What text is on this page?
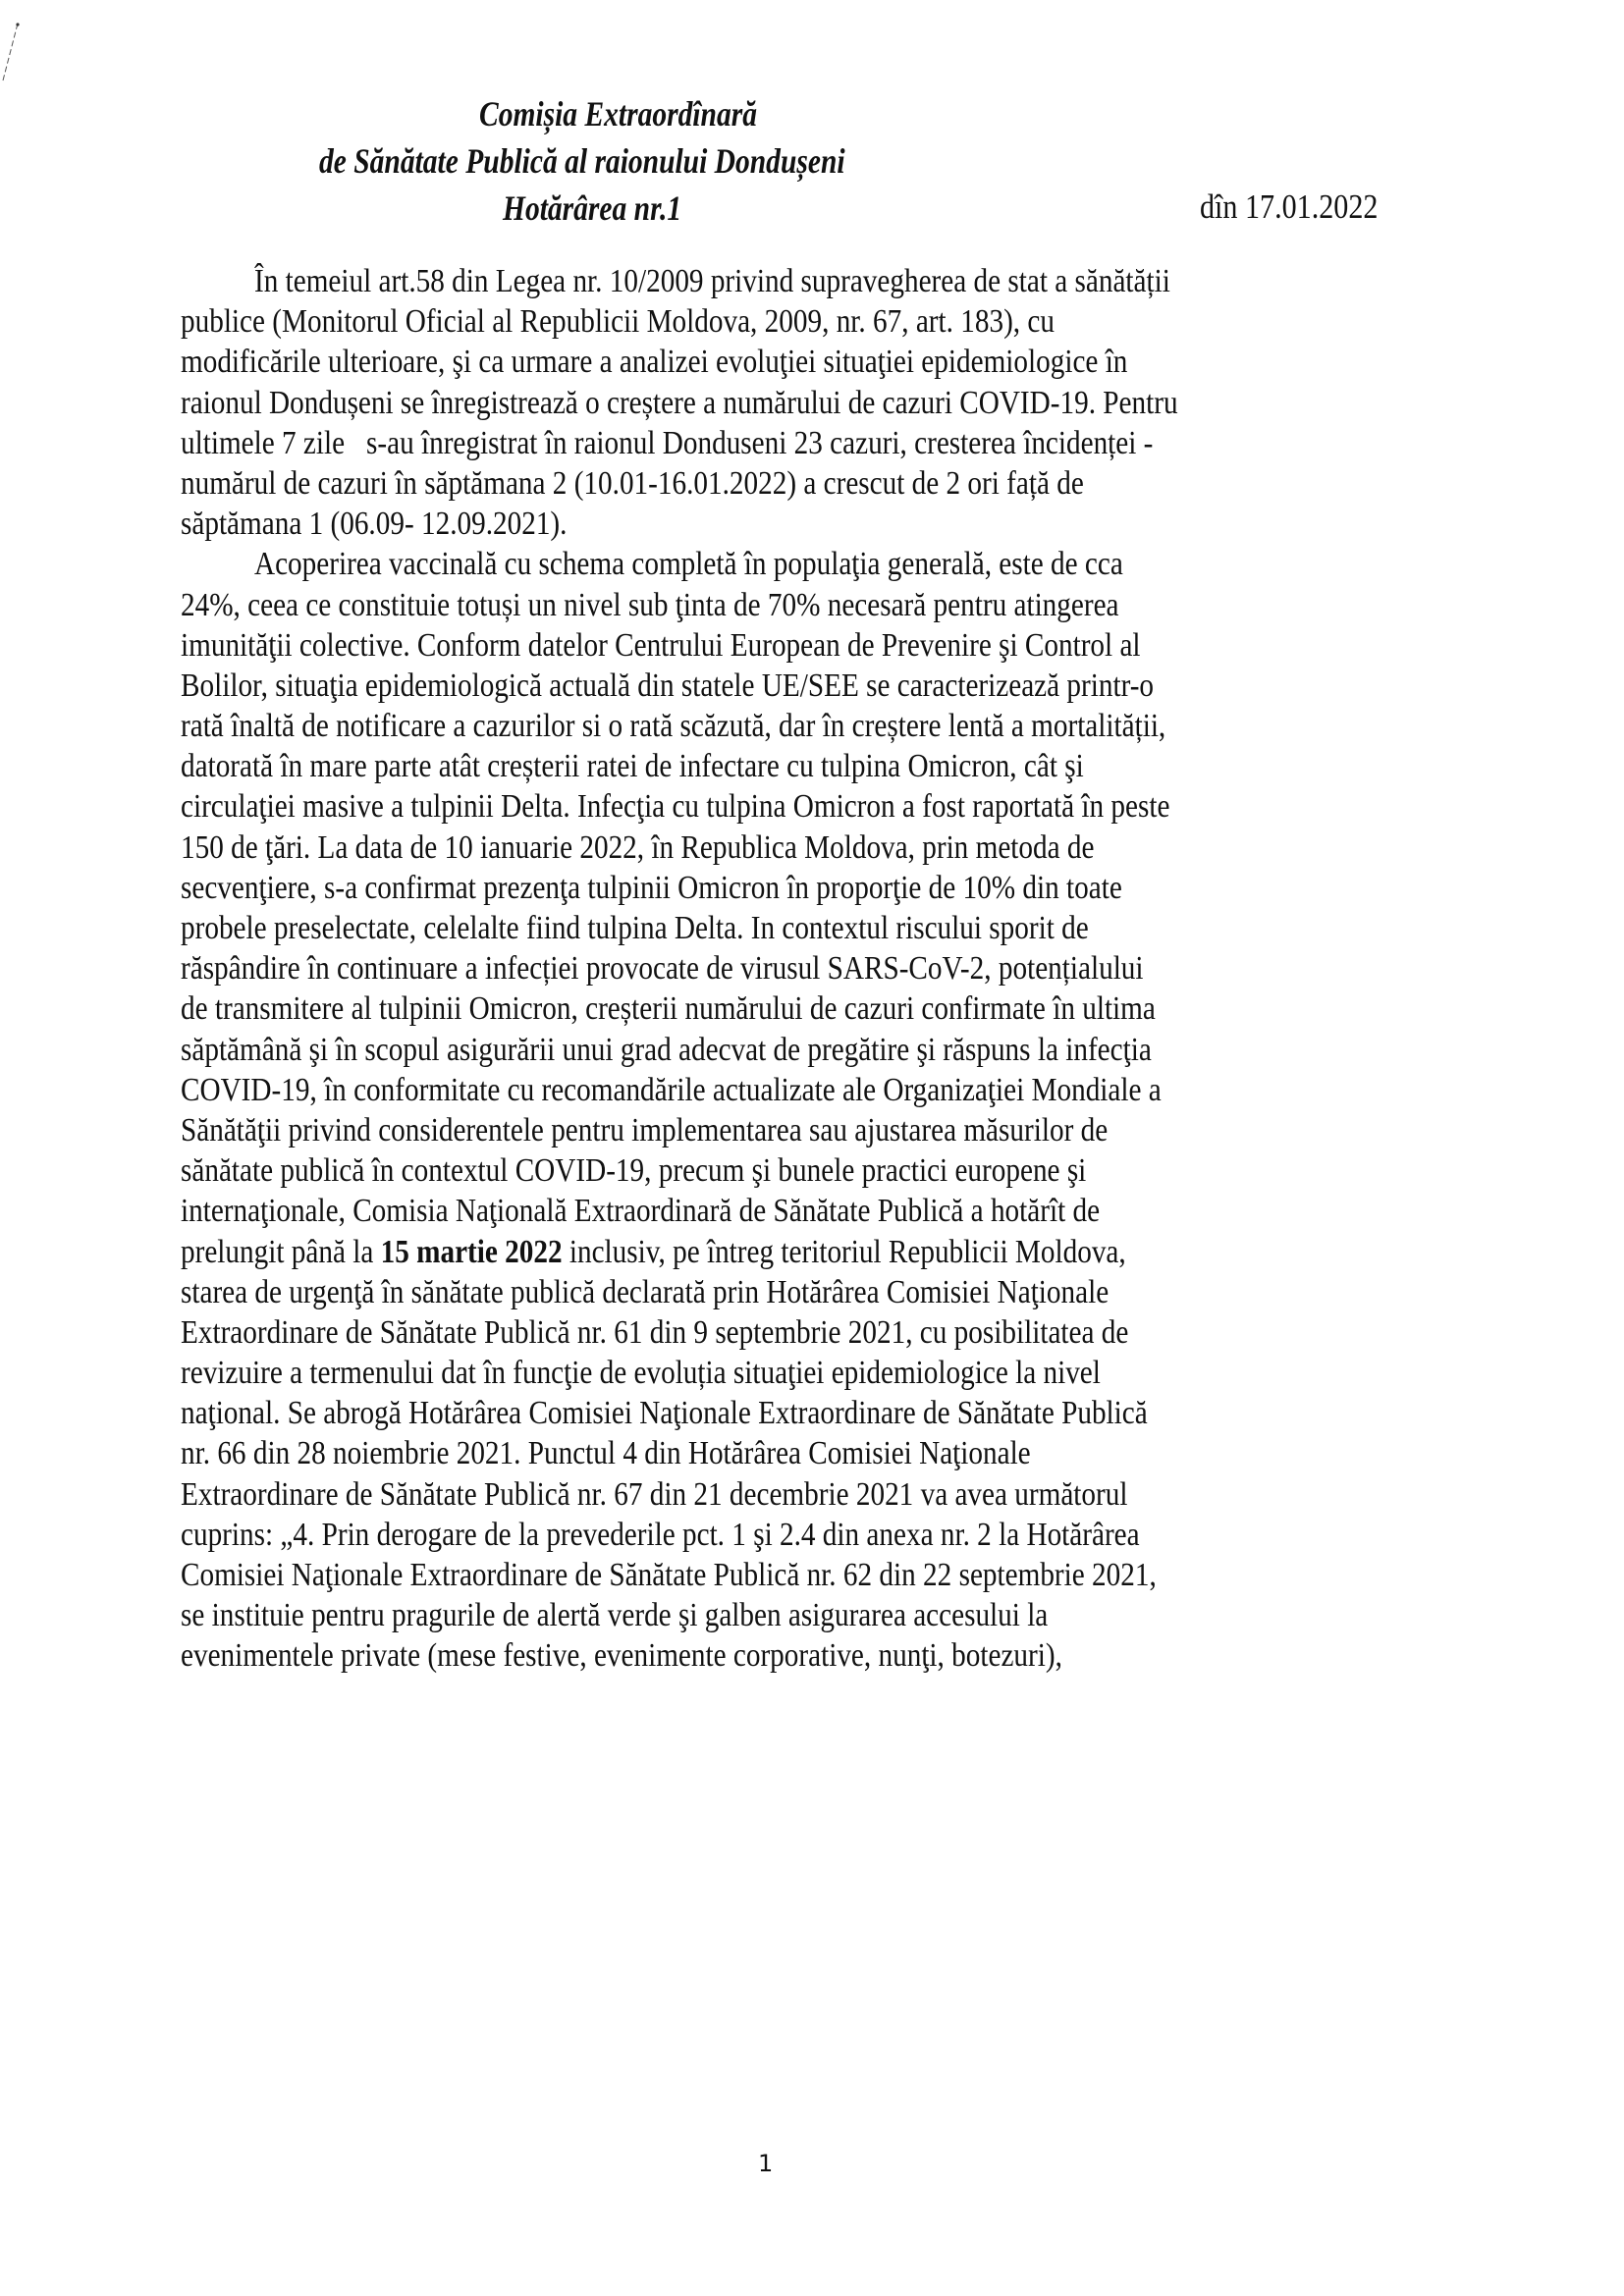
Comișia Extraordînară
de Sănătate Publică al raionului Dondușeni
Hotărârea nr.1	dîn 17.01.2022
În temeiul art.58 din Legea nr. 10/2009 privind supravegherea de stat a sănătății
publice (Monitorul Oficial al Republicii Moldova, 2009, nr. 67, art. 183), cu
modificările ulterioare, şi ca urmare a analizei evoluţiei situaţiei epidemiologice în
raionul Dondușeni se înregistrează o creștere a numărului de cazuri COVID-19. Pentru
ultimele 7 zile   s-au înregistrat în raionul Donduseni 23 cazuri, cresterea încidenței -
numărul de cazuri în săptămana 2 (10.01-16.01.2022) a crescut de 2 ori față de
săptămana 1 (06.09- 12.09.2021).
Acoperirea vaccinală cu schema completă în populaţia generală, este de cca
24%, ceea ce constituie totuși un nivel sub ţinta de 70% necesară pentru atingerea
imunităţii colective. Conform datelor Centrului European de Prevenire şi Control al
Bolilor, situaţia epidemiologică actuală din statele UE/SEE se caracterizează printr-o
rată înaltă de notificare a cazurilor si o rată scăzută, dar în creștere lentă a mortalității,
datorată în mare parte atât creșterii ratei de infectare cu tulpina Omicron, cât şi
circulaţiei masive a tulpinii Delta. Infecţia cu tulpina Omicron a fost raportată în peste
150 de ţări. La data de 10 ianuarie 2022, în Republica Moldova, prin metoda de
secvenţiere, s-a confirmat prezenţa tulpinii Omicron în proporţie de 10% din toate
probele preselectate, celelalte fiind tulpina Delta. In contextul riscului sporit de
răspândire în continuare a infecției provocate de virusul SARS-CoV-2, potențialului
de transmitere al tulpinii Omicron, creșterii numărului de cazuri confirmate în ultima
săptămână şi în scopul asigurării unui grad adecvat de pregătire şi răspuns la infecţia
COVID-19, în conformitate cu recomandările actualizate ale Organizaţiei Mondiale a
Sănătăţii privind considerentele pentru implementarea sau ajustarea măsurilor de
sănătate publică în contextul COVID-19, precum şi bunele practici europene şi
internaţionale, Comisia Naţională Extraordinară de Sănătate Publică a hotărît de
prelungit până la 15 martie 2022 inclusiv, pe întreg teritoriul Republicii Moldova,
starea de urgenţă în sănătate publică declarată prin Hotărârea Comisiei Naţionale
Extraordinare de Sănătate Publică nr. 61 din 9 septembrie 2021, cu posibilitatea de
revizuire a termenului dat în funcţie de evoluția situaţiei epidemiologice la nivel
naţional. Se abrogă Hotărârea Comisiei Naţionale Extraordinare de Sănătate Publică
nr. 66 din 28 noiembrie 2021. Punctul 4 din Hotărârea Comisiei Naţionale
Extraordinare de Sănătate Publică nr. 67 din 21 decembrie 2021 va avea următorul
cuprins: „4. Prin derogare de la prevederile pct. 1 şi 2.4 din anexa nr. 2 la Hotărârea
Comisiei Naţionale Extraordinare de Sănătate Publică nr. 62 din 22 septembrie 2021,
se instituie pentru pragurile de alertă verde şi galben asigurarea accesului la
evenimentele private (mese festive, evenimente corporative, nunţi, botezuri),
1
